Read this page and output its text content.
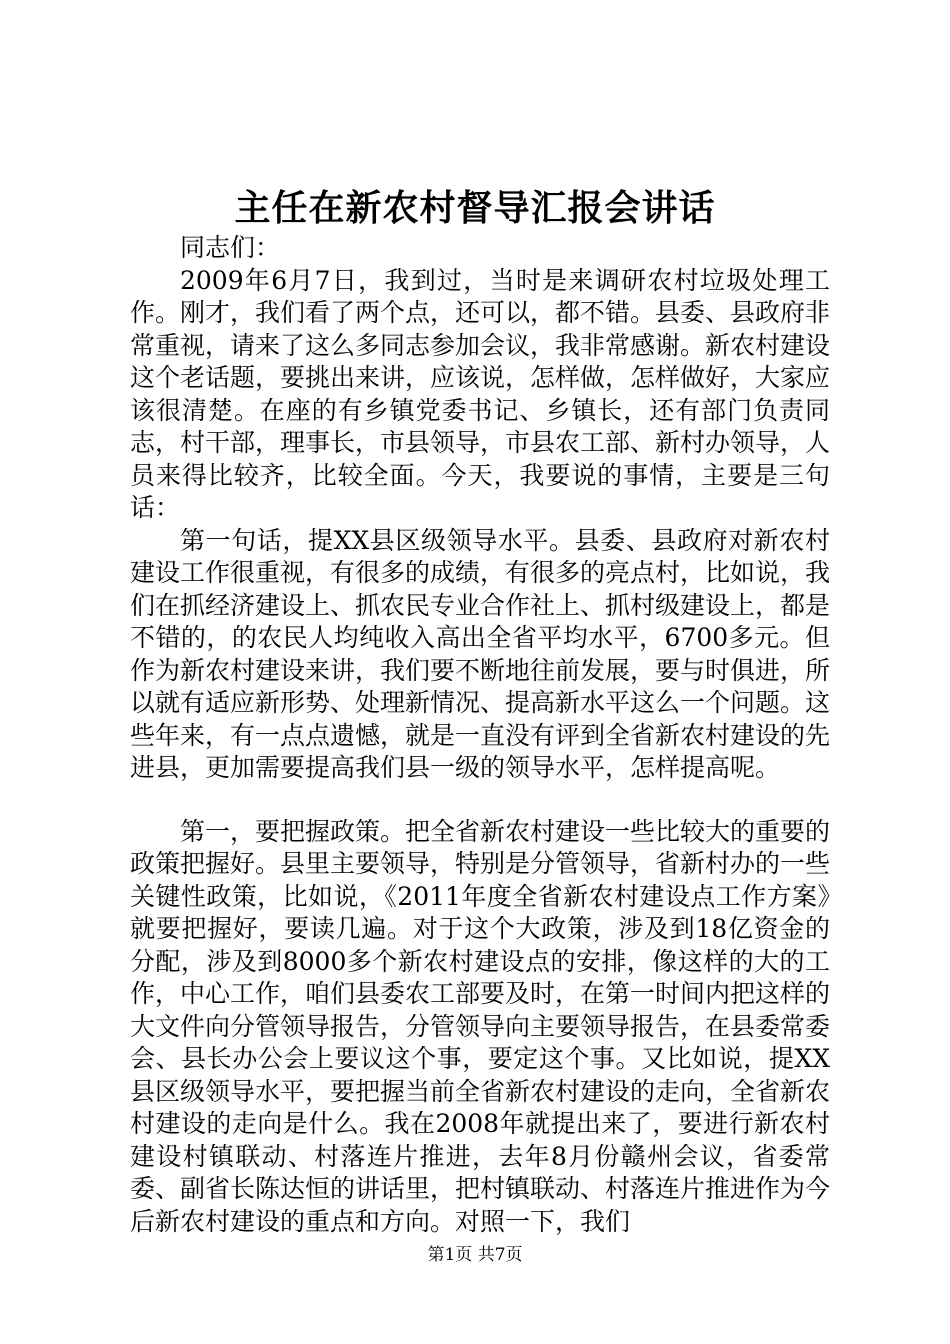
主任在新农村督导汇报会讲话

同志们：

2009年6月7日，我到过，当时是来调研农村垃圾处理工作。刚才，我们看了两个点，还可以，都不错。县委、县政府非常重视，请来了这么多同志参加会议，我非常感谢。新农村建设这个老话题，要挑出来讲，应该说，怎样做，怎样做好，大家应该很清楚。在座的有乡镇党委书记、乡镇长，还有部门负责同志，村干部，理事长，市县领导，市县农工部、新村办领导，人员来得比较齐，比较全面。今天，我要说的事情，主要是三句话：

第一句话，提XX县区级领导水平。县委、县政府对新农村建设工作很重视，有很多的成绩，有很多的亮点村，比如说，我们在抓经济建设上、抓农民专业合作社上、抓村级建设上，都是不错的，的农民人均纯收入高出全省平均水平，6700多元。但作为新农村建设来讲，我们要不断地往前发展，要与时俱进，所以就有适应新形势、处理新情况、提高新水平这么一个问题。这些年来，有一点点遗憾，就是一直没有评到全省新农村建设的先进县，更加需要提高我们县一级的领导水平，怎样提高呢。

第一，要把握政策。把全省新农村建设一些比较大的重要的政策把握好。县里主要领导，特别是分管领导，省新村办的一些关键性政策，比如说，《2011年度全省新农村建设点工作方案》就要把握好，要读几遍。对于这个大政策，涉及到18亿资金的分配，涉及到8000多个新农村建设点的安排，像这样的大的工作，中心工作，咱们县委农工部要及时，在第一时间内把这样的大文件向分管领导报告，分管领导向主要领导报告，在县委常委会、县长办公会上要议这个事，要定这个事。又比如说，提XX县区级领导水平，要把握当前全省新农村建设的走向，全省新农村建设的走向是什么。我在2008年就提出来了，要进行新农村建设村镇联动、村落连片推进，去年8月份赣州会议，省委常委、副省长陈达恒的讲话里，把村镇联动、村落连片推进作为今后新农村建设的重点和方向。对照一下，我们

第1页 共7页
